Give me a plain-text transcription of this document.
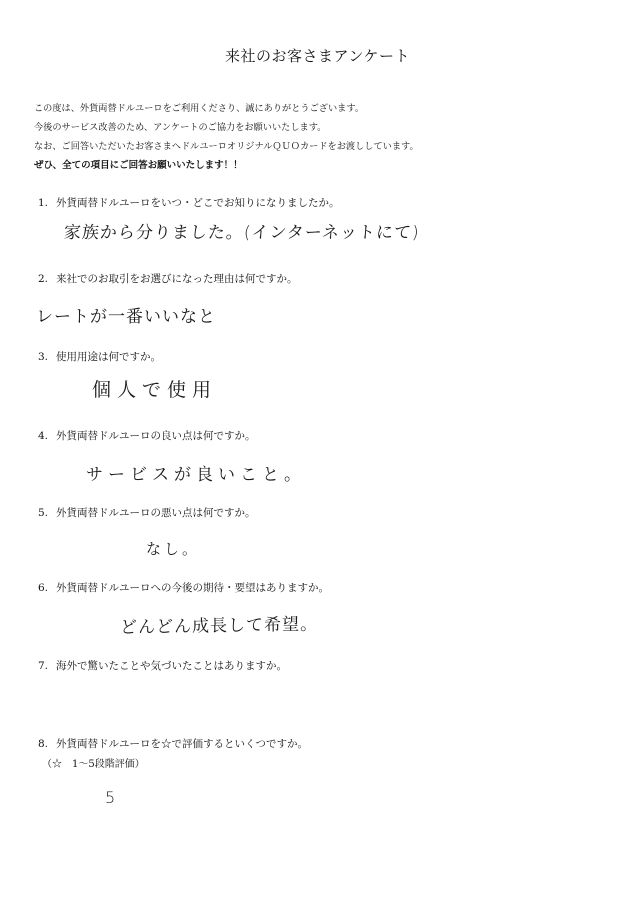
来社のお客さまアンケート
この度は、外貨両替ドルユーロをご利用くださり、誠にありがとうございます。
今後のサービス改善のため、アンケートのご協力をお願いいたします。
なお、ご回答いただいたお客さまへドルユーロオリジナルＱＵＯカードをお渡ししています。
ぜひ、全ての項目にご回答お願いいたします！！
1. 外貨両替ドルユーロをいつ・どこでお知りになりましたか。
家族から分りました。(インターネットにて)
2. 来社でのお取引をお選びになった理由は何ですか。
レートが一番いいなと
3. 使用用途は何ですか。
個人で使用
4. 外貨両替ドルユーロの良い点は何ですか。
サービスが良いこと。
5. 外貨両替ドルユーロの悪い点は何ですか。
なし。
6. 外貨両替ドルユーロへの今後の期待・要望はありますか。
どんどん成長して希望。
7. 海外で驚いたことや気づいたことはありますか。
8. 外貨両替ドルユーロを☆で評価するといくつですか。
（☆　1～5段階評価）
5
